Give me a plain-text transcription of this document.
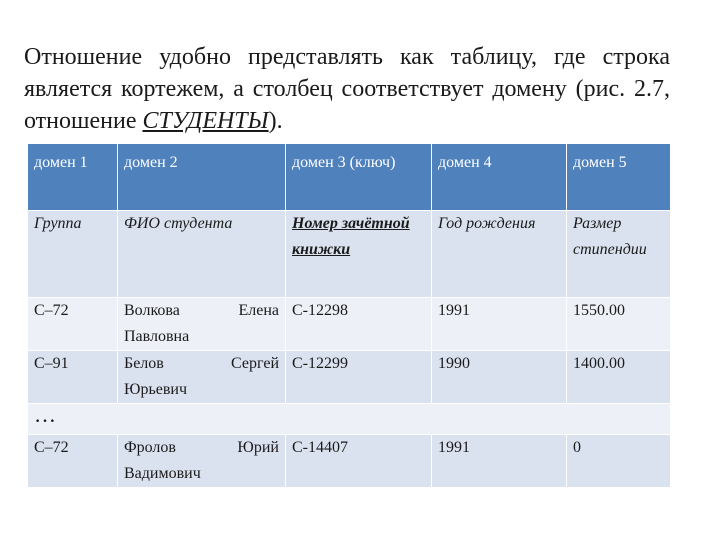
Отношение удобно представлять как таблицу, где строка является кортежем, а столбец соответствует домену (рис. 2.7, отношение СТУДЕНТЫ).

домен 1	домен 2	домен 3 (ключ)	домен 4	домен 5
Группа	ФИО студента	Номер зачётной книжки	Год рождения	Размер стипендии
С–72	Волкова Елена Павловна	С-12298	1991	1550.00
С–91	Белов Сергей Юрьевич	С-12299	1990	1400.00
…				
С–72	Фролов Юрий Вадимович	С-14407	1991	0
